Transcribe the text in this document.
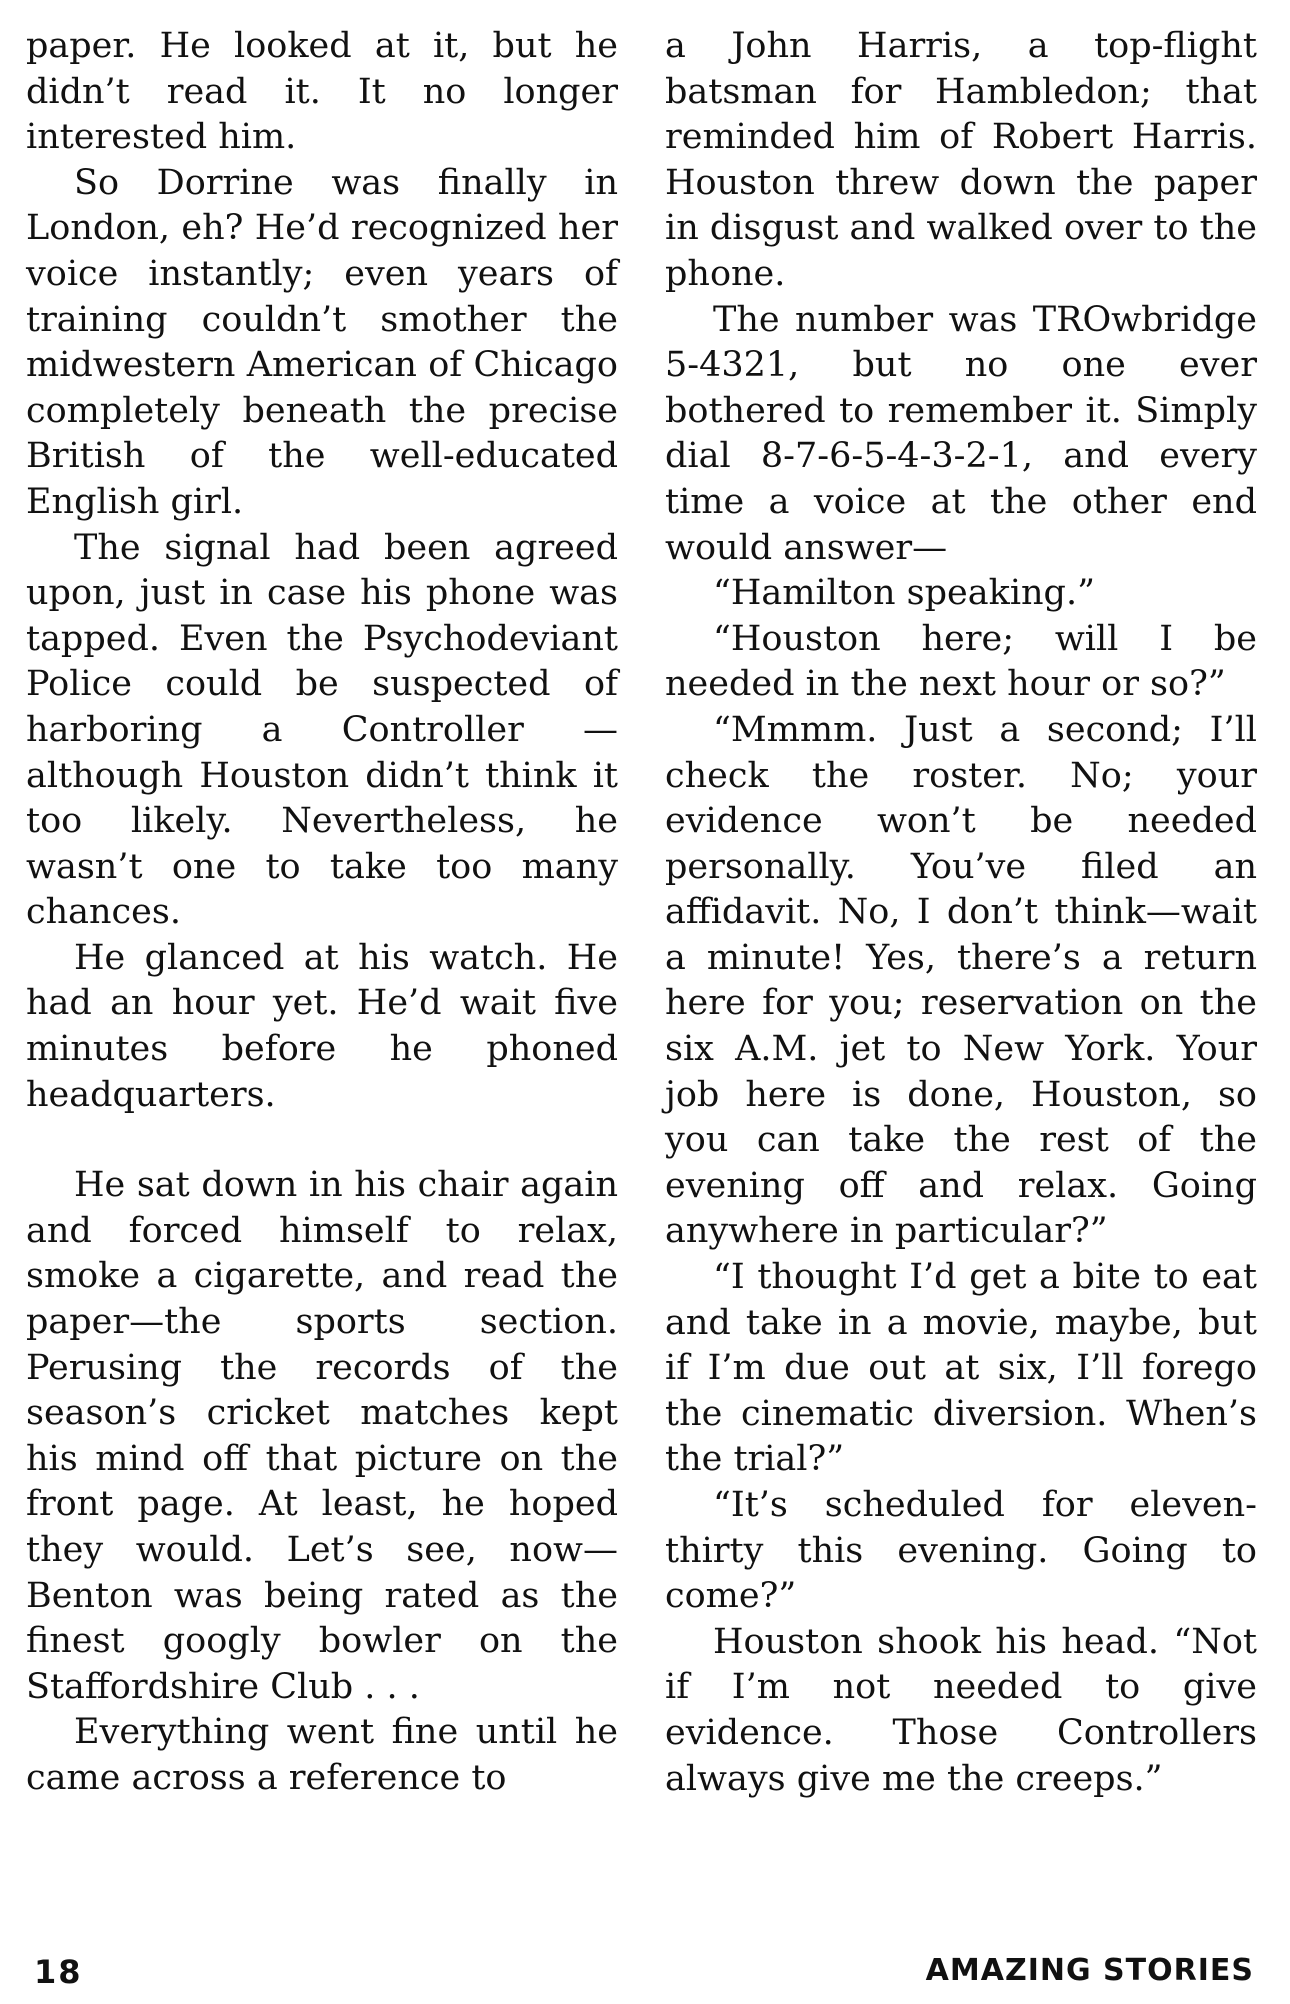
paper. He looked at it, but he didn’t read it. It no longer interested him.

So Dorrine was finally in London, eh? He’d recognized her voice instantly; even years of training couldn’t smother the midwestern American of Chicago completely beneath the precise British of the well-educated English girl.

The signal had been agreed upon, just in case his phone was tapped. Even the Psychodeviant Police could be suspected of harboring a Controller — although Houston didn’t think it too likely. Nevertheless, he wasn’t one to take too many chances.

He glanced at his watch. He had an hour yet. He’d wait five minutes before he phoned headquarters.

He sat down in his chair again and forced himself to relax, smoke a cigarette, and read the paper—the sports section. Perusing the records of the season’s cricket matches kept his mind off that picture on the front page. At least, he hoped they would. Let’s see, now—Benton was being rated as the finest googly bowler on the Staffordshire Club . . .

Everything went fine until he came across a reference to

a John Harris, a top-flight batsman for Hambledon; that reminded him of Robert Harris. Houston threw down the paper in disgust and walked over to the phone.

The number was TROwbridge 5-4321, but no one ever bothered to remember it. Simply dial 8-7-6-5-4-3-2-1, and every time a voice at the other end would answer—

“Hamilton speaking.”

“Houston here; will I be needed in the next hour or so?”

“Mmmm. Just a second; I’ll check the roster. No; your evidence won’t be needed personally. You’ve filed an affidavit. No, I don’t think—wait a minute! Yes, there’s a return here for you; reservation on the six A.M. jet to New York. Your job here is done, Houston, so you can take the rest of the evening off and relax. Going anywhere in particular?”

“I thought I’d get a bite to eat and take in a movie, maybe, but if I’m due out at six, I’ll forego the cinematic diversion. When’s the trial?”

“It’s scheduled for eleven-thirty this evening. Going to come?”

Houston shook his head. “Not if I’m not needed to give evidence. Those Controllers always give me the creeps.”

18	AMAZING STORIES
